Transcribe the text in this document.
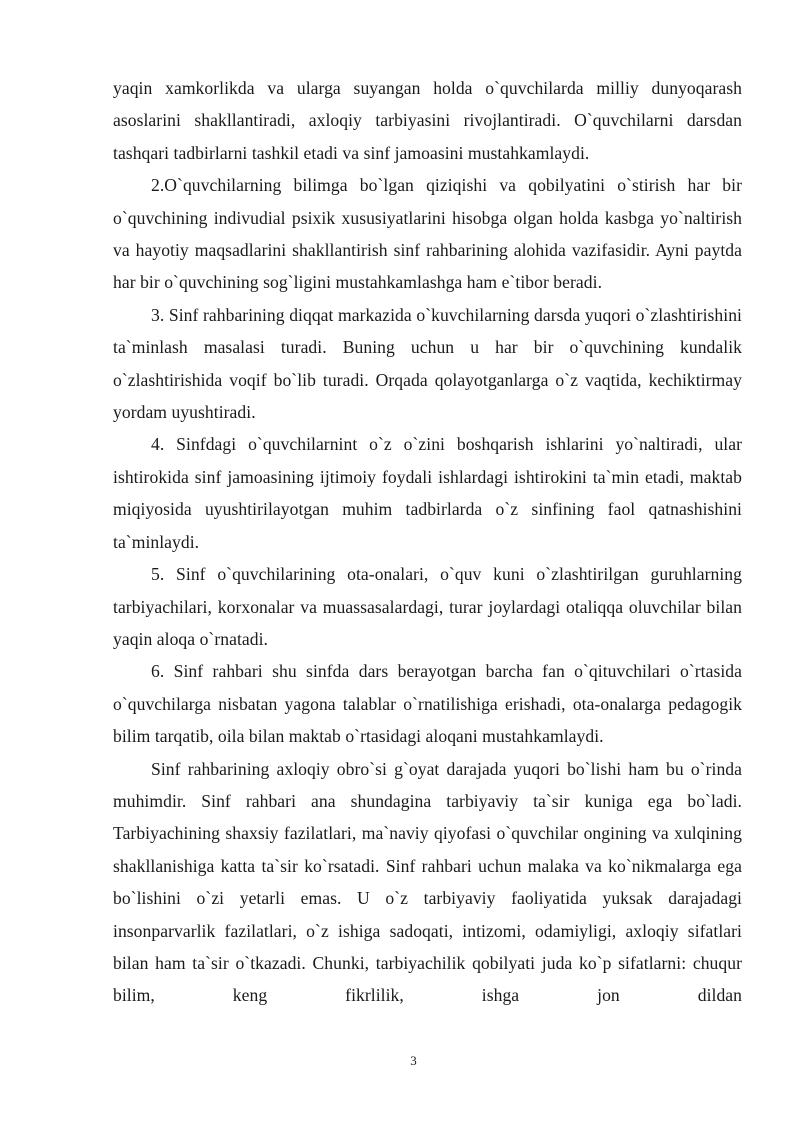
yaqin xamkorlikda va ularga suyangan holda o`quvchilarda milliy dunyoqarash asoslarini shakllantiradi, axloqiy tarbiyasini rivojlantiradi. O`quvchilarni darsdan tashqari tadbirlarni tashkil etadi va sinf jamoasini mustahkamlaydi.

2.O`quvchilarning bilimga bo`lgan qiziqishi va qobilyatini o`stirish har bir o`quvchining indivudial psixik xususiyatlarini hisobga olgan holda kasbga yo`naltirish va hayotiy maqsadlarini shakllantirish sinf rahbarining alohida vazifasidir. Ayni paytda har bir o`quvchining sog`ligini mustahkamlashga ham e`tibor beradi.

3. Sinf rahbarining diqqat markazida o`kuvchilarning darsda yuqori o`zlashtirishini ta`minlash masalasi turadi. Buning uchun u har bir o`quvchining kundalik o`zlashtirishida voqif bo`lib turadi. Orqada qolayotganlarga o`z vaqtida, kechiktirmay yordam uyushtiradi.

4. Sinfdagi o`quvchilarnint o`z o`zini boshqarish ishlarini yo`naltiradi, ular ishtirokida sinf jamoasining ijtimoiy foydali ishlardagi ishtirokini ta`min etadi, maktab miqiyosida uyushtirilayotgan muhim tadbirlarda o`z sinfining faol qatnashishini ta`minlaydi.

5. Sinf o`quvchilarining ota-onalari, o`quv kuni o`zlashtirilgan guruhlarning tarbiyachilari, korxonalar va muassasalardagi, turar joylardagi otaliqqa oluvchilar bilan yaqin aloqa o`rnatadi.

6. Sinf rahbari shu sinfda dars berayotgan barcha fan o`qituvchilari o`rtasida o`quvchilarga nisbatan yagona talablar o`rnatilishiga erishadi, ota-onalarga pedagogik bilim tarqatib, oila bilan maktab o`rtasidagi aloqani mustahkamlaydi.

Sinf rahbarining axloqiy obro`si g`oyat darajada yuqori bo`lishi ham bu o`rinda muhimdir. Sinf rahbari ana shundagina tarbiyaviy ta`sir kuniga ega bo`ladi. Tarbiyachining shaxsiy fazilatlari, ma`naviy qiyofasi o`quvchilar ongining va xulqining shakllanishiga katta ta`sir ko`rsatadi. Sinf rahbari uchun malaka va ko`nikmalarga ega bo`lishini o`zi yetarli emas. U o`z tarbiyaviy faoliyatida yuksak darajadagi insonparvarlik fazilatlari, o`z ishiga sadoqati, intizomi, odamiyligi, axloqiy sifatlari bilan ham ta`sir o`tkazadi. Chunki, tarbiyachilik qobilyati juda ko`p sifatlarni: chuqur bilim, keng fikrlilik, ishga jon dildan

3
